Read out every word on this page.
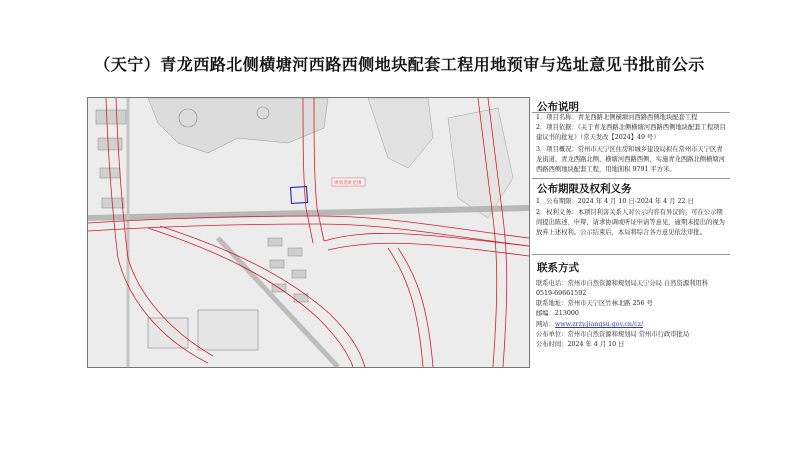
（天宁）青龙西路北侧横塘河西路西侧地块配套工程用地预审与选址意见书批前公示
规划选址范围
公布说明
1．项目名称：青龙西路北侧横塘河西路西侧地块配套工程
2．项目依据：《关于青龙西路北侧横塘河西路西侧地块配套工程项目建议书的批复》（常天发改【2024】49 号）
3．项目概况：常州市天宁区住房和城乡建设局拟在常州市天宁区青龙街道，青龙西路北侧、横塘河西路西侧，实施青龙西路北侧横塘河西路西侧地块配套工程，用地面积 9791 平方米。
公布期限及权利义务
1．公布期限：2024 年 4 月 10 日-2024 年 4 月 22 日
2．权利义务：本项目利害关系人对公示内容有异议的，可在公示期间提出陈述、申辩，请求协调或听证申请等意见，逾期未提出的视为放弃上述权利。公示结束后，本局将综合各方意见依法审批。
联系方式
联系电话：常州市自然资源和规划局天宁分局 自然资源利用科
0519-69661592
联系地址：常州市天宁区竹林北路 256 号
邮编：213000
网站：www.zrzy.jiangsu.gov.cn/cz/
公布单位：常州市自然资源和规划局 常州市行政审批局
公布时间：2024 年 4 月 10 日
